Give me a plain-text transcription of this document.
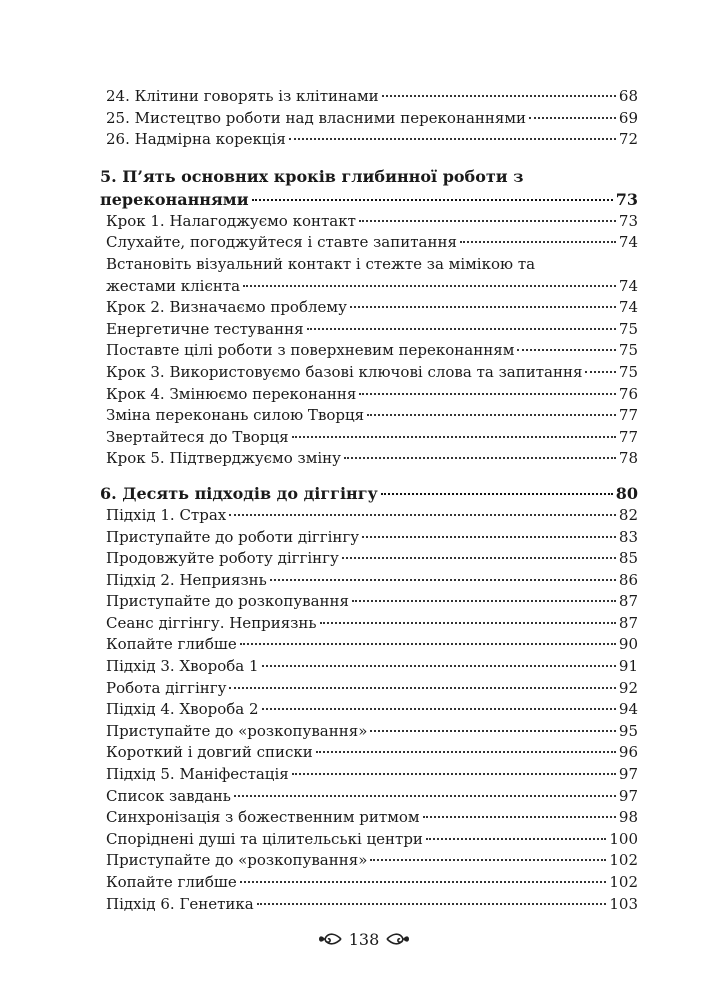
24. Клітини говорять із клітинами	68
25. Мистецтво роботи над власними переконаннями	69
26. Надмірна корекція	72
5. П’ять основних кроків глибинної роботи з
переконаннями	73
Крок 1. Налагоджуємо контакт	73
Слухайте, погоджуйтеся і ставте запитання	74
Встановіть візуальний контакт і стежте за мімікою та
жестами клієнта	74
Крок 2. Визначаємо проблему	74
Енергетичне тестування	75
Поставте цілі роботи з поверхневим переконанням	75
Крок 3. Використовуємо базові ключові слова та запитання 75
Крок 4. Змінюємо переконання	76
Зміна переконань силою Творця	77
Звертайтеся до Творця	77
Крок 5. Підтверджуємо зміну	78
6. Десять підходів до діггінгу	80
Підхід 1. Страх	82
Приступайте до роботи діггінгу	83
Продовжуйте роботу діггінгу	85
Підхід 2. Неприязнь	86
Приступайте до розкопування	87
Сеанс діггінгу. Неприязнь	87
Копайте глибше	90
Підхід 3. Хвороба 1	91
Робота діггінгу	92
Підхід 4. Хвороба 2	94
Приступайте до «розкопування»	95
Короткий і довгий списки	96
Підхід 5. Маніфестація	97
Список завдань	97
Синхронізація з божественним ритмом	98
Споріднені душі та цілительські центри	100
Приступайте до «розкопування»	102
Копайте глибше	102
Підхід 6. Генетика	103
138
